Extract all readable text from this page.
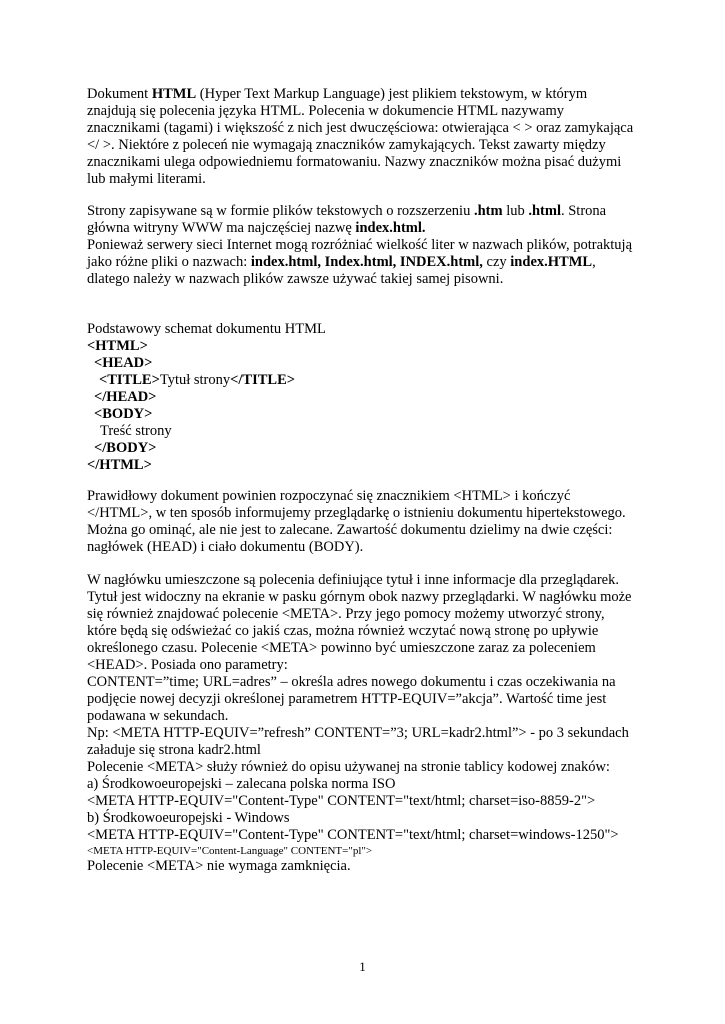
Dokument HTML (Hyper Text Markup Language) jest plikiem tekstowym, w którym
znajdują się polecenia języka HTML. Polecenia w dokumencie HTML nazywamy
znacznikami (tagami) i większość z nich jest dwuczęściowa: otwierająca < > oraz zamykająca
</ >. Niektóre z poleceń nie wymagają znaczników zamykających. Tekst zawarty między
znacznikami ulega odpowiedniemu formatowaniu. Nazwy znaczników można pisać dużymi
lub małymi literami.
Strony zapisywane są w formie plików tekstowych o rozszerzeniu .htm lub .html. Strona
główna witryny WWW ma najczęściej nazwę index.html.
Ponieważ serwery sieci Internet mogą rozróżniać wielkość liter w nazwach plików, potraktują
jako różne pliki o nazwach: index.html, Index.html, INDEX.html, czy index.HTML,
dlatego należy w nazwach plików zawsze używać takiej samej pisowni.
Podstawowy schemat dokumentu HTML
<HTML>
<HEAD>
<TITLE>Tytuł strony</TITLE>
</HEAD>
<BODY>
Treść strony
</BODY>
</HTML>
Prawidłowy dokument powinien rozpoczynać się znacznikiem <HTML> i kończyć
</HTML>, w ten sposób informujemy przeglądarkę o istnieniu dokumentu hipertekstowego.
Można go ominąć, ale nie jest to zalecane. Zawartość dokumentu dzielimy na dwie części:
nagłówek (HEAD) i ciało dokumentu (BODY).
W nagłówku umieszczone są polecenia definiujące tytuł i inne informacje dla przeglądarek.
Tytuł jest widoczny na ekranie w pasku górnym obok nazwy przeglądarki. W nagłówku może
się również znajdować polecenie <META>. Przy jego pomocy możemy utworzyć strony,
które będą się odświeżać co jakiś czas, można również wczytać nową stronę po upływie
określonego czasu. Polecenie <META> powinno być umieszczone zaraz za poleceniem
<HEAD>. Posiada ono parametry:
CONTENT=”time; URL=adres” – określa adres nowego dokumentu i czas oczekiwania na
podjęcie nowej decyzji określonej parametrem HTTP-EQUIV=”akcja”. Wartość time jest
podawana w sekundach.
Np: <META HTTP-EQUIV=”refresh” CONTENT=”3; URL=kadr2.html”> - po 3 sekundach
załaduje się strona kadr2.html
Polecenie <META> służy również do opisu używanej na stronie tablicy kodowej znaków:
a) Środkowoeuropejski – zalecana polska norma ISO
<META HTTP-EQUIV="Content-Type" CONTENT="text/html; charset=iso-8859-2">
b) Środkowoeuropejski - Windows
<META HTTP-EQUIV="Content-Type" CONTENT="text/html; charset=windows-1250">
<META HTTP-EQUIV="Content-Language" CONTENT="pl">
Polecenie <META> nie wymaga zamknięcia.
1
